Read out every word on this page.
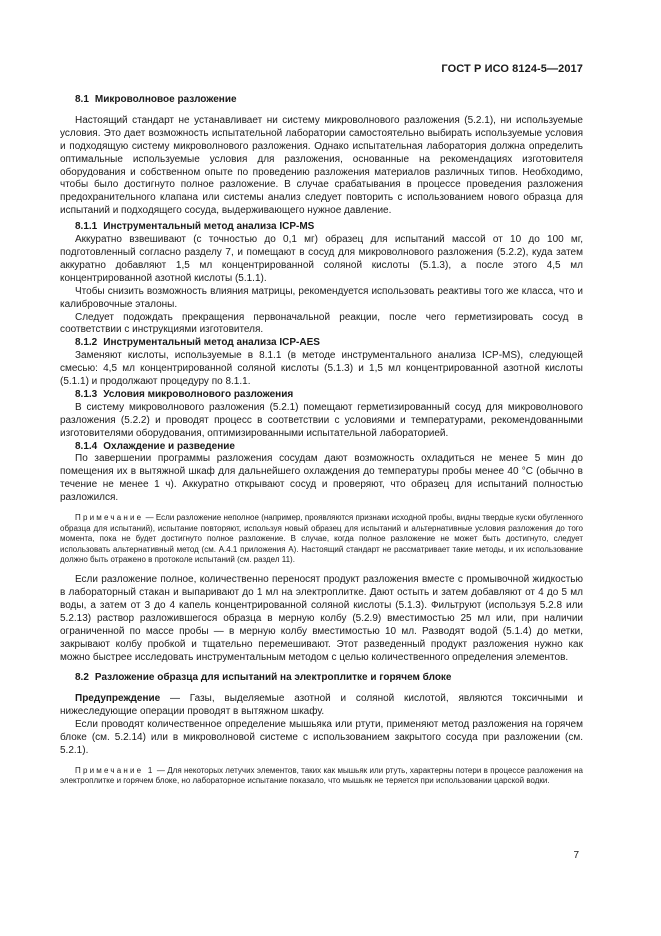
ГОСТ Р ИСО 8124-5—2017

8.1 Микроволновое разложение

Настоящий стандарт не устанавливает ни систему микроволнового разложения (5.2.1), ни используемые условия. Это дает возможность испытательной лаборатории самостоятельно выбирать используемые условия и подходящую систему микроволнового разложения. Однако испытательная лаборатория должна определить оптимальные используемые условия для разложения, основанные на рекомендациях изготовителя оборудования и собственном опыте по проведению разложения материалов различных типов. Необходимо, чтобы было достигнуто полное разложение. В случае срабатывания в процессе проведения разложения предохранительного клапана или системы анализ следует повторить с использованием нового образца для испытаний и подходящего сосуда, выдерживающего нужное давление.

8.1.1 Инструментальный метод анализа ICP-MS

Аккуратно взвешивают (с точностью до 0,1 мг) образец для испытаний массой от 10 до 100 мг, подготовленный согласно разделу 7, и помещают в сосуд для микроволнового разложения (5.2.2), куда затем аккуратно добавляют 1,5 мл концентрированной соляной кислоты (5.1.3), а после этого 4,5 мл концентрированной азотной кислоты (5.1.1).

Чтобы снизить возможность влияния матрицы, рекомендуется использовать реактивы того же класса, что и калибровочные эталоны.

Следует подождать прекращения первоначальной реакции, после чего герметизировать сосуд в соответствии с инструкциями изготовителя.

8.1.2 Инструментальный метод анализа ICP-AES

Заменяют кислоты, используемые в 8.1.1 (в методе инструментального анализа ICP-MS), следующей смесью: 4,5 мл концентрированной соляной кислоты (5.1.3) и 1,5 мл концентрированной азотной кислоты (5.1.1) и продолжают процедуру по 8.1.1.

8.1.3 Условия микроволнового разложения

В систему микроволнового разложения (5.2.1) помещают герметизированный сосуд для микроволнового разложения (5.2.2) и проводят процесс в соответствии с условиями и температурами, рекомендованными изготовителями оборудования, оптимизированными испытательной лабораторией.

8.1.4 Охлаждение и разведение

По завершении программы разложения сосудам дают возможность охладиться не менее 5 мин до помещения их в вытяжной шкаф для дальнейшего охлаждения до температуры пробы менее 40 °С (обычно в течение не менее 1 ч). Аккуратно открывают сосуд и проверяют, что образец для испытаний полностью разложился.

Примечание — Если разложение неполное (например, проявляются признаки исходной пробы, видны твердые куски обугленного образца для испытаний), испытание повторяют, используя новый образец для испытаний и альтернативные условия разложения до того момента, пока не будет достигнуто полное разложение. В случае, когда полное разложение не может быть достигнуто, следует использовать альтернативный метод (см. А.4.1 приложения А). Настоящий стандарт не рассматривает такие методы, и их использование должно быть отражено в протоколе испытаний (см. раздел 11).

Если разложение полное, количественно переносят продукт разложения вместе с промывочной жидкостью в лабораторный стакан и выпаривают до 1 мл на электроплитке. Дают остыть и затем добавляют от 4 до 5 мл воды, а затем от 3 до 4 капель концентрированной соляной кислоты (5.1.3). Фильтруют (используя 5.2.8 или 5.2.13) раствор разложившегося образца в мерную колбу (5.2.9) вместимостью 25 мл или, при наличии ограниченной по массе пробы — в мерную колбу вместимостью 10 мл. Разводят водой (5.1.4) до метки, закрывают колбу пробкой и тщательно перемешивают. Этот разведенный продукт разложения нужно как можно быстрее исследовать инструментальным методом с целью количественного определения элементов.

8.2 Разложение образца для испытаний на электроплитке и горячем блоке

Предупреждение — Газы, выделяемые азотной и соляной кислотой, являются токсичными и нижеследующие операции проводят в вытяжном шкафу.

Если проводят количественное определение мышьяка или ртути, применяют метод разложения на горячем блоке (см. 5.2.14) или в микроволновой системе с использованием закрытого сосуда при разложении (см. 5.2.1).

Примечание 1 — Для некоторых летучих элементов, таких как мышьяк или ртуть, характерны потери в процессе разложения на электроплитке и горячем блоке, но лабораторное испытание показало, что мышьяк не теряется при использовании царской водки.

7
